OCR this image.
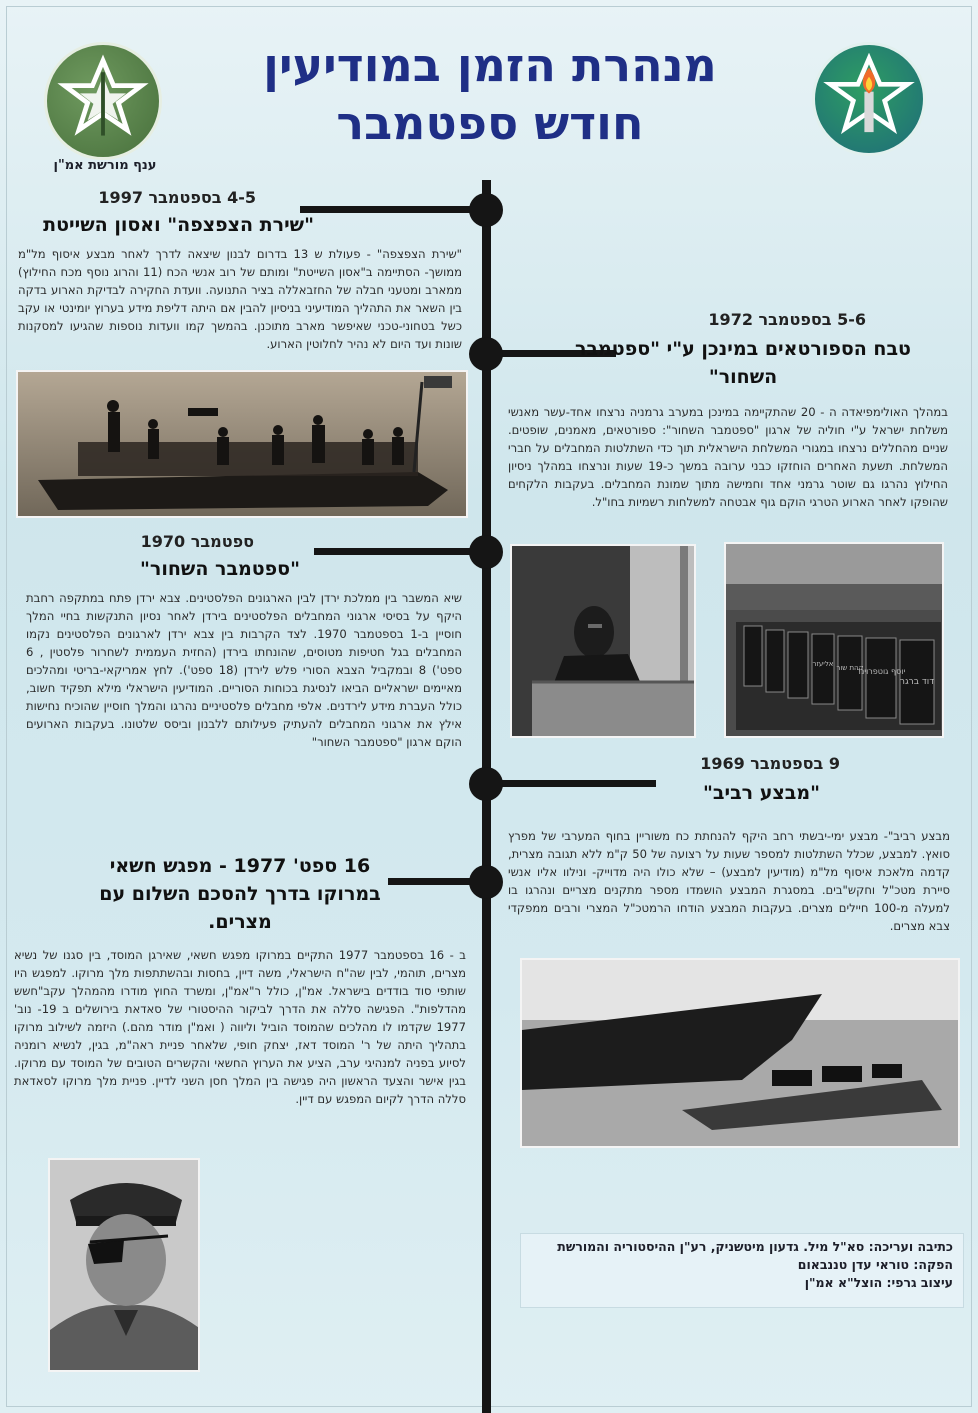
מנהרת הזמן במודיעין
חודש ספטמבר
ענף מורשת אמ"ן
4-5 בספטמבר 1997
"שירת הצפצפה" ואסון השייטת
"שירת הצפצפה" - פעולת ש 13 בדרום לבנון שיצאה לדרך לאחר מבצע איסוף מל"מ ממושך- הסתיימה ב"אסון השייטת" ומותם של רוב אנשי הכח (11 והרוג נוסף מכח החילוץ) ממארב ומטעני חבלה של החזבאללה בציר התנועה. וועדת החקירה לבדיקת הארוע בדקה בין השאר את התהליך המודיעיני בניסיון להבין אם היתה דליפת מידע בערוץ יומינטי או עקב כשל בטחוני-טכני שאיפשר מארב מתוכנן. בהמשך קמו וועדות נוספות שהגיעו למסקנות שונות ועד היום לא נהיר לחלוטין הארוע.
5-6 בספטמבר 1972
טבח הספורטאים במינכן ע"י "ספטמבר השחור"
במהלך האולימפיאדה ה - 20 שהתקיימה במינכן במערב גרמניה נרצחו אחד-עשר מאנשי משלחת ישראל ע"י חוליה של ארגון "ספטמבר השחור": ספורטאים, מאמנים, שופטים. שניים מהחללים נרצחו במגורי המשלחת הישראלית תוך כדי השתלטות המחבלים על חברי המשלחת. תשעת האחרים הוחזקו כבני ערובה במשך כ-19 שעות ונרצחו במהלך ניסיון החילוץ נהרגו גם שוטר גרמני אחד וחמישה מתוך שמונת המחבלים. בעקבות הלקחים שהופקו לאחר הארוע הטרגי הוקם גוף אבטחה למשלחות רשמיות בחו"ל.
דוד ברגר
יוסף גוטפרוינד
קהת שור
אליעזר
ספטמבר 1970
"ספטמבר השחור"
שיא המשבר בין ממלכת ירדן לבין הארגונים הפלסטינים. צבא ירדן פתח במתקפה רחבת היקף על בסיסי ארגוני המחבלים הפלסטינים בירדן לאחר נסיון התנקשות בחיי המלך חוסיין ב-1 בספטמבר 1970. לצד הקרבות בין צבא ירדן לארגונים הפלסטינים נקמו המחבלים בגל חטיפות מטוסים, שהונחתו בירדן (החזית העממית לשחרור פלסטין , 6 ספט') 8 ובמקביל הצבא הסורי פלש לירדן (18 ספט'). לחץ אמריקאי-בריטי ומהלכים מאיימים ישראליים הביאו לנסיגת בכוחות הסוריים. המודיעין הישראלי מילא תפקיד חשוב, כולל העברת מידע לירדנים. אלפי מחבלים פלסטיניים נהרגו והמלך חוסיין שהוכיח נחישות אילץ את ארגוני המחבלים להעתיק פעילותם ללבנון וביסס שלטונו. בעקבות הארועים הוקם ארגון "ספטמבר השחור"
9 בספטמבר 1969
"מבצע רביב"
מבצע רביב"- מבצע ימי-יבשתי רחב היקף להנחתת כח משוריין בחוף המערבי של מפרץ סואץ. למבצע, שכלל השתלטות למספר שעות על רצועה של 50 ק"מ ללא תגובה מצרית, קדמה מלאכת איסוף מל"מ (מודיעין למבצע) – שלא כולו היה מדוייק- ונילוו אליו אנשי סיירת מטכ"ל וחקש"בים. במסגרת המבצע הושמדו מספר מתקנים מצריים ונהרגו בו למעלה מ-100 חיילים מצרים. בעקבות המבצע הודחו הרמטכ"ל המצרי ורבים ממפקדי צבא מצרים.
16 ספט' 1977 - מפגש חשאי במרוקו בדרך להסכם השלום עם מצרים.
ב - 16 בספטמבר 1977 התקיים במרוקו מפגש חשאי, שאירגן המוסד, בין סגנו של נשיא מצרים, תוהמי, לבין שה"ח הישראלי, משה דיין, בחסות ובהשתתפות מלך מרוקו. למפגש היו שותפי סוד בודדים בישראל. אמ"ן, כולל ר"אמ"ן, ומשרד החוץ מודרו מהמהלך עקב"חשש מהדלפות". הפגישה סללה את הדרך לביקור ההיסטורי של סאדאת בירושלים ב 19- נוב' 1977 שקדמו לו מהלכים שהמוסד הוביל וליווה ( ואמ"ן מודר מהם.) היזמה לשילוב מרוקו בתהליך היתה של ר' המוסד דאז, יצחק חופי, שלאחר פניית ראה"מ, בגין, לנשיא רומניה לסיוע בפניה למנהיגי ערב, הציע את הערוץ החשאי והקשרים הטובים של המוסד עם מרוקו. בגין אישר והצעד הראשון היה פגישה בין המלך חסן השני לדיין. פניית מלך מרוקו לסאדאת סללה הדרך לקיום המפגש עם דיין.
כתיבה ועריכה: סא"ל מיל. גדעון מיטשניק, רע"ן ההיסטוריה והמורשת
הפקה: טוראי עדן טננבאום
עיצוב גרפי: הוצל"א אמ"ן
